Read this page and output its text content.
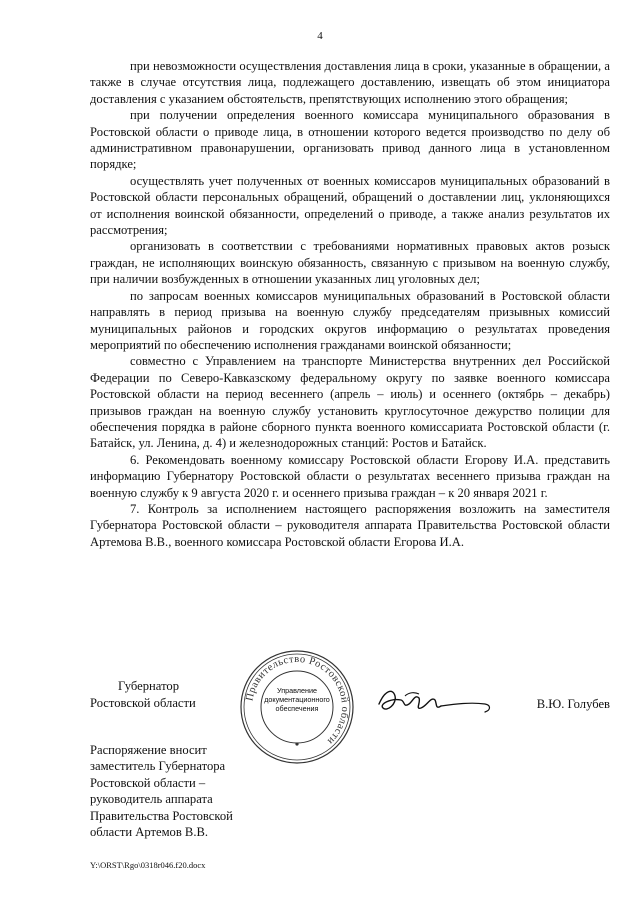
4

при невозможности осуществления доставления лица в сроки, указанные в обращении, а также в случае отсутствия лица, подлежащего доставлению, извещать об этом инициатора доставления с указанием обстоятельств, препятствующих исполнению этого обращения;

при получении определения военного комиссара муниципального образования в Ростовской области о приводе лица, в отношении которого ведется производство по делу об административном правонарушении, организовать привод данного лица в установленном порядке;

осуществлять учет полученных от военных комиссаров муниципальных образований в Ростовской области персональных обращений, обращений о доставлении лиц, уклоняющихся от исполнения воинской обязанности, определений о приводе, а также анализ результатов их рассмотрения;

организовать в соответствии с требованиями нормативных правовых актов розыск граждан, не исполняющих воинскую обязанность, связанную с призывом на военную службу, при наличии возбужденных в отношении указанных лиц уголовных дел;

по запросам военных комиссаров муниципальных образований в Ростовской области направлять в период призыва на военную службу председателям призывных комиссий муниципальных районов и городских округов информацию о результатах проведения мероприятий по обеспечению исполнения гражданами воинской обязанности;

совместно с Управлением на транспорте Министерства внутренних дел Российской Федерации по Северо-Кавказскому федеральному округу по заявке военного комиссара Ростовской области на период весеннего (апрель – июль) и осеннего (октябрь – декабрь) призывов граждан на военную службу установить круглосуточное дежурство полиции для обеспечения порядка в районе сборного пункта военного комиссариата Ростовской области (г. Батайск, ул. Ленина, д. 4) и железнодорожных станций: Ростов и Батайск.

6. Рекомендовать военному комиссару Ростовской области Егорову И.А. представить информацию Губернатору Ростовской области о результатах весеннего призыва граждан на военную службу к 9 августа 2020 г. и осеннего призыва граждан – к 20 января 2021 г.

7. Контроль за исполнением настоящего распоряжения возложить на заместителя Губернатора Ростовской области – руководителя аппарата Правительства Ростовской области Артемова В.В., военного комиссара Ростовской области Егорова И.А.

Губернатор
Ростовской области	Правительство Ростовской области
Управление
документационного
обеспечения	В.Ю. Голубев
Распоряжение вносит
заместитель Губернатора
Ростовской области –
руководитель аппарата
Правительства Ростовской
области Артемов В.В.
Y:\ORST\Rgo\0318r046.f20.docx
